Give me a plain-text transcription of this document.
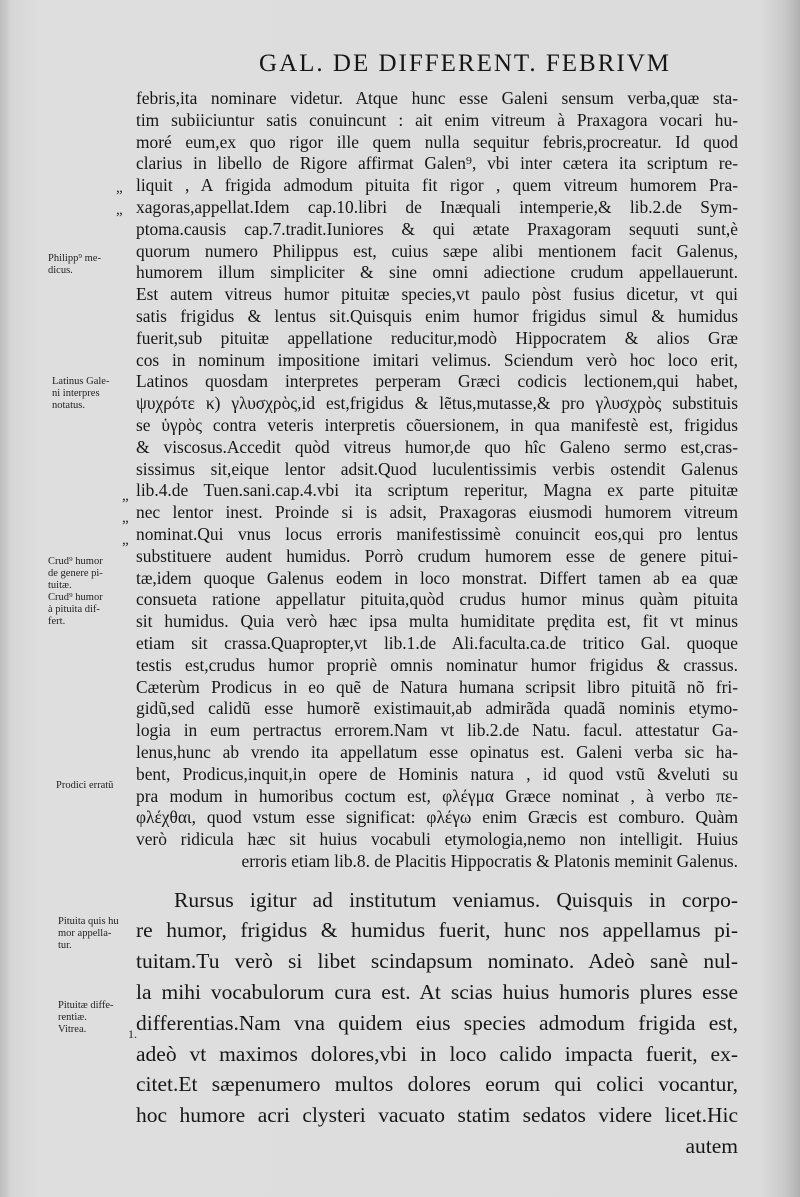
GAL. DE DIFFERENT. FEBRIVM
febris,ita nominare videtur. Atque hunc esse Galeni sensum verba,quæ sta-
tim subiiciuntur satis conuincunt : ait enim vitreum à Praxagora vocari hu-
moré eum,ex quo rigor ille quem nulla sequitur febris,procreatur. Id quod
clarius in libello de Rigore affirmat Galen⁹, vbi inter cætera ita scriptum re-
liquit , A frigida admodum pituita fit rigor , quem vitreum humorem Pra-
xagoras,appellat.Idem cap.10.libri de Inæquali intemperie,& lib.2.de Sym-
ptoma.causis cap.7.tradit.Iuniores & qui ætate Praxagoram sequuti sunt,è
quorum numero Philippus est, cuius sæpe alibi mentionem facit Galenus,
humorem illum simpliciter & sine omni adiectione crudum appellauerunt.
Est autem vitreus humor pituitæ species,vt paulo pòst fusius dicetur, vt qui
satis frigidus & lentus sit.Quisquis enim humor frigidus simul & humidus
fuerit,sub pituitæ appellatione reducitur,modò Hippocratem & alios Græ
cos in nominum impositione imitari velimus. Sciendum verò hoc loco erit,
Latinos quosdam interpretes perperam Græci codicis lectionem,qui habet,
ψυχρότε κ) γλυσχρὸς,id est,frigidus & lẽtus,mutasse,& pro γλυσχρὸς substituis
se ὑγρὸς contra veteris interpretis cõuersionem, in qua manifestè est, frigidus
& viscosus.Accedit quòd vitreus humor,de quo hîc Galeno sermo est,cras-
sissimus sit,eique lentor adsit.Quod luculentissimis verbis ostendit Galenus
lib.4.de Tuen.sani.cap.4.vbi ita scriptum reperitur, Magna ex parte pituitæ
nec lentor inest. Proinde si is adsit, Praxagoras eiusmodi humorem vitreum
nominat.Qui vnus locus erroris manifestissimè conuincit eos,qui pro lentus
substituere audent humidus. Porrò crudum humorem esse de genere pitui-
tæ,idem quoque Galenus eodem in loco monstrat. Differt tamen ab ea quæ
consueta ratione appellatur pituita,quòd crudus humor minus quàm pituita
sit humidus. Quia verò hæc ipsa multa humiditate prędita est, fit vt minus
etiam sit crassa.Quapropter,vt lib.1.de Ali.faculta.ca.de tritico Gal. quoque
testis est,crudus humor propriè omnis nominatur humor frigidus & crassus.
Cæterùm Prodicus in eo quẽ de Natura humana scripsit libro pituitã nõ fri-
gidũ,sed calidũ esse humorẽ existimauit,ab admirãda quadã nominis etymo-
logia in eum pertractus errorem.Nam vt lib.2.de Natu. facul. attestatur Ga-
lenus,hunc ab vrendo ita appellatum esse opinatus est. Galeni verba sic ha-
bent, Prodicus,inquit,in opere de Hominis natura , id quod vstũ &veluti su
pra modum in humoribus coctum est, φλέγμα Græce nominat , à verbo πε-
φλέχθαι, quod vstum esse significat: φλέγω enim Græcis est comburo. Quàm
verò ridicula hæc sit huius vocabuli etymologia,nemo non intelligit. Huius
erroris etiam lib.8. de Placitis Hippocratis & Platonis meminit Galenus.
Rursus igitur ad institutum veniamus. Quisquis in corpo-
re humor, frigidus & humidus fuerit, hunc nos appellamus pi-
tuitam.Tu verò si libet scindapsum nominato. Adeò sanè nul-
la mihi vocabulorum cura est. At scias huius humoris plures esse
differentias.Nam vna quidem eius species admodum frigida est,
adeò vt maximos dolores,vbi in loco calido impacta fuerit, ex-
citet.Et sæpenumero multos dolores eorum qui colici vocantur,
hoc humore acri clysteri vacuato statim sedatos videre licet.Hic
autem
Philipp⁹ me-
dicus.
Latinus Gale-
ni interpres
notatus.
Crud⁹ humor
de genere pi-
tuitæ.
Crud⁹ humor
à pituita dif-
fert.
Prodici erratũ
Pituita quis hu
mor appella-
tur.
Pituitæ diffe-
rentiæ.
Vitrea.
„
„
”
”
”
1.
